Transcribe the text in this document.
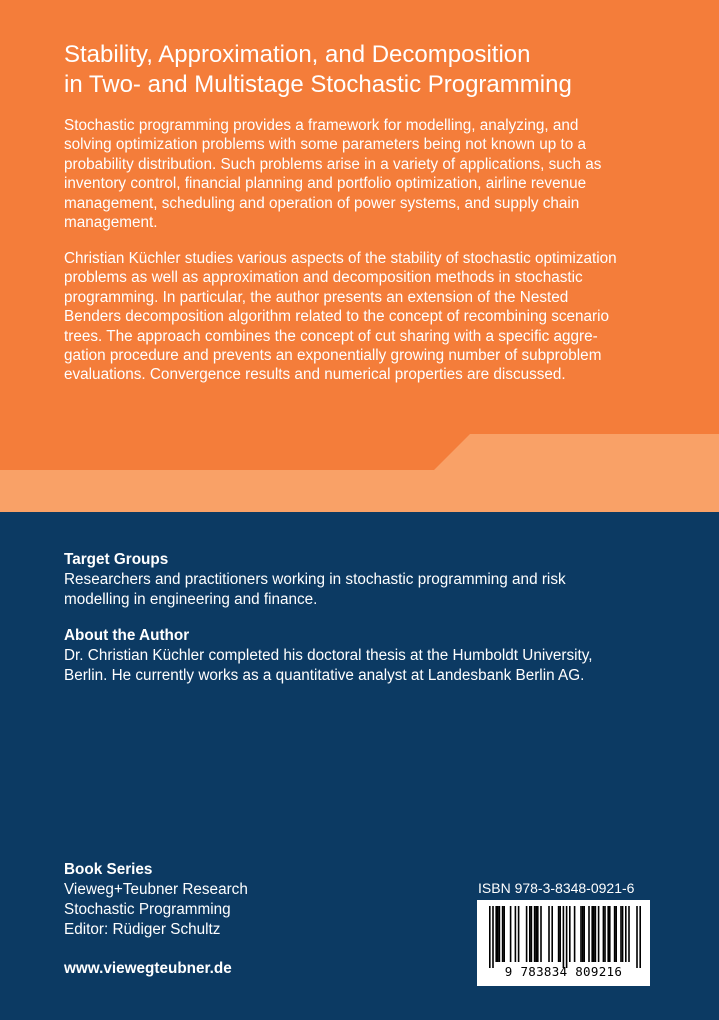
Stability, Approximation, and Decomposition
in Two- and Multistage Stochastic Programming

Stochastic programming provides a framework for modelling, analyzing, and
solving optimization problems with some parameters being not known up to a
probability distribution. Such problems arise in a variety of applications, such as
inventory control, financial planning and portfolio optimization, airline revenue
management, scheduling and operation of power systems, and supply chain
management.

Christian Küchler studies various aspects of the stability of stochastic optimization
problems as well as approximation and decomposition methods in stochastic
programming. In particular, the author presents an extension of the Nested
Benders decomposition algorithm related to the concept of recombining scenario
trees. The approach combines the concept of cut sharing with a specific aggre-
gation procedure and prevents an exponentially growing number of subproblem
evaluations. Convergence results and numerical properties are discussed.

Target Groups
Researchers and practitioners working in stochastic programming and risk
modelling in engineering and finance.
About the Author
Dr. Christian Küchler completed his doctoral thesis at the Humboldt University,
Berlin. He currently works as a quantitative analyst at Landesbank Berlin AG.
Book Series
Vieweg+Teubner Research
Stochastic Programming
Editor: Rüdiger Schultz

www.viewegteubner.de

ISBN 978-3-8348-0921-6
9 783834 809216
